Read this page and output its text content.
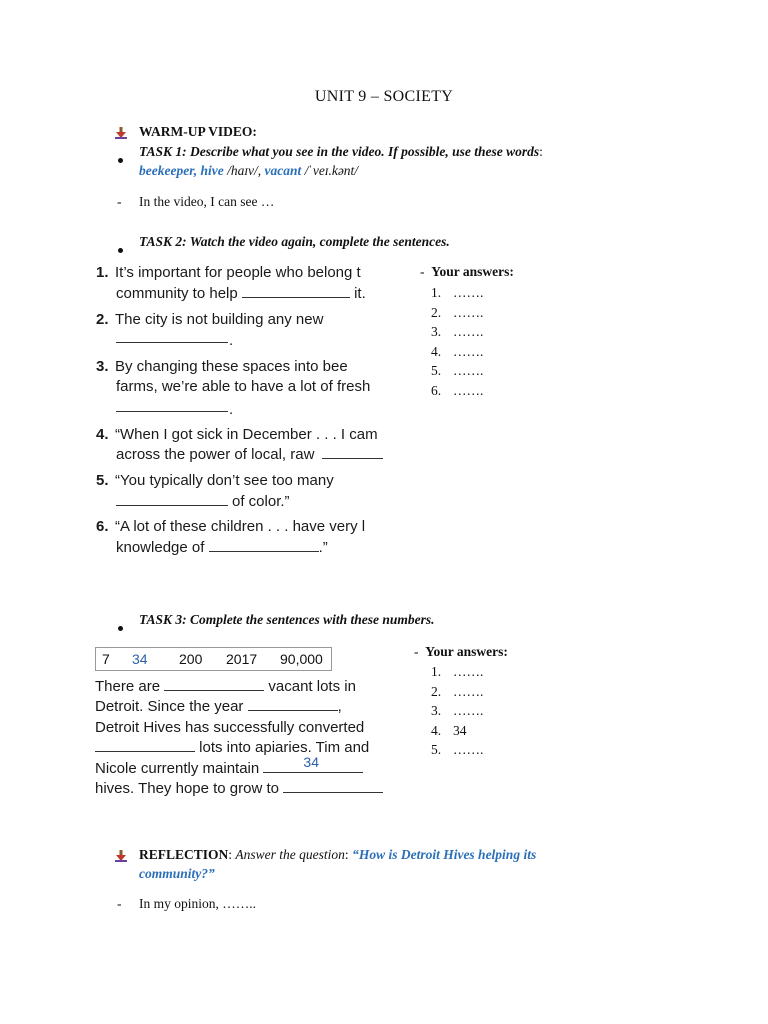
UNIT 9 – SOCIETY
WARM-UP VIDEO:
TASK 1: Describe what you see in the video. If possible, use these words:
beekeeper, hive /haɪv/, vacant /ˈveɪ.kənt/
- In the video, I can see …
TASK 2: Watch the video again, complete the sentences.
1. It’s important for people who belong t
community to help	it.
2. The city is not building any new
.
3. By changing these spaces into bee
farms, we’re able to have a lot of fresh
.
4. “When I got sick in December . . . I cam
across the power of local, raw
5. “You typically don’t see too many
of color.”
6. “A lot of these children . . . have very l
knowledge of	.”
-  Your answers:
1. …….
2. …….
3. …….
4. …….
5. …….
6. …….
TASK 3: Complete the sentences with these numbers.
7 34 200 2017 90,000
There are	vacant lots in
Detroit. Since the year	,
Detroit Hives has successfully converted
lots into apiaries. Tim and
Nicole currently maintain	34
hives. They hope to grow to
-  Your answers:
1. …….
2. …….
3. …….
4. 34
5. …….
REFLECTION: Answer the question: “How is Detroit Hives helping its
community?”
- In my opinion, ……..
